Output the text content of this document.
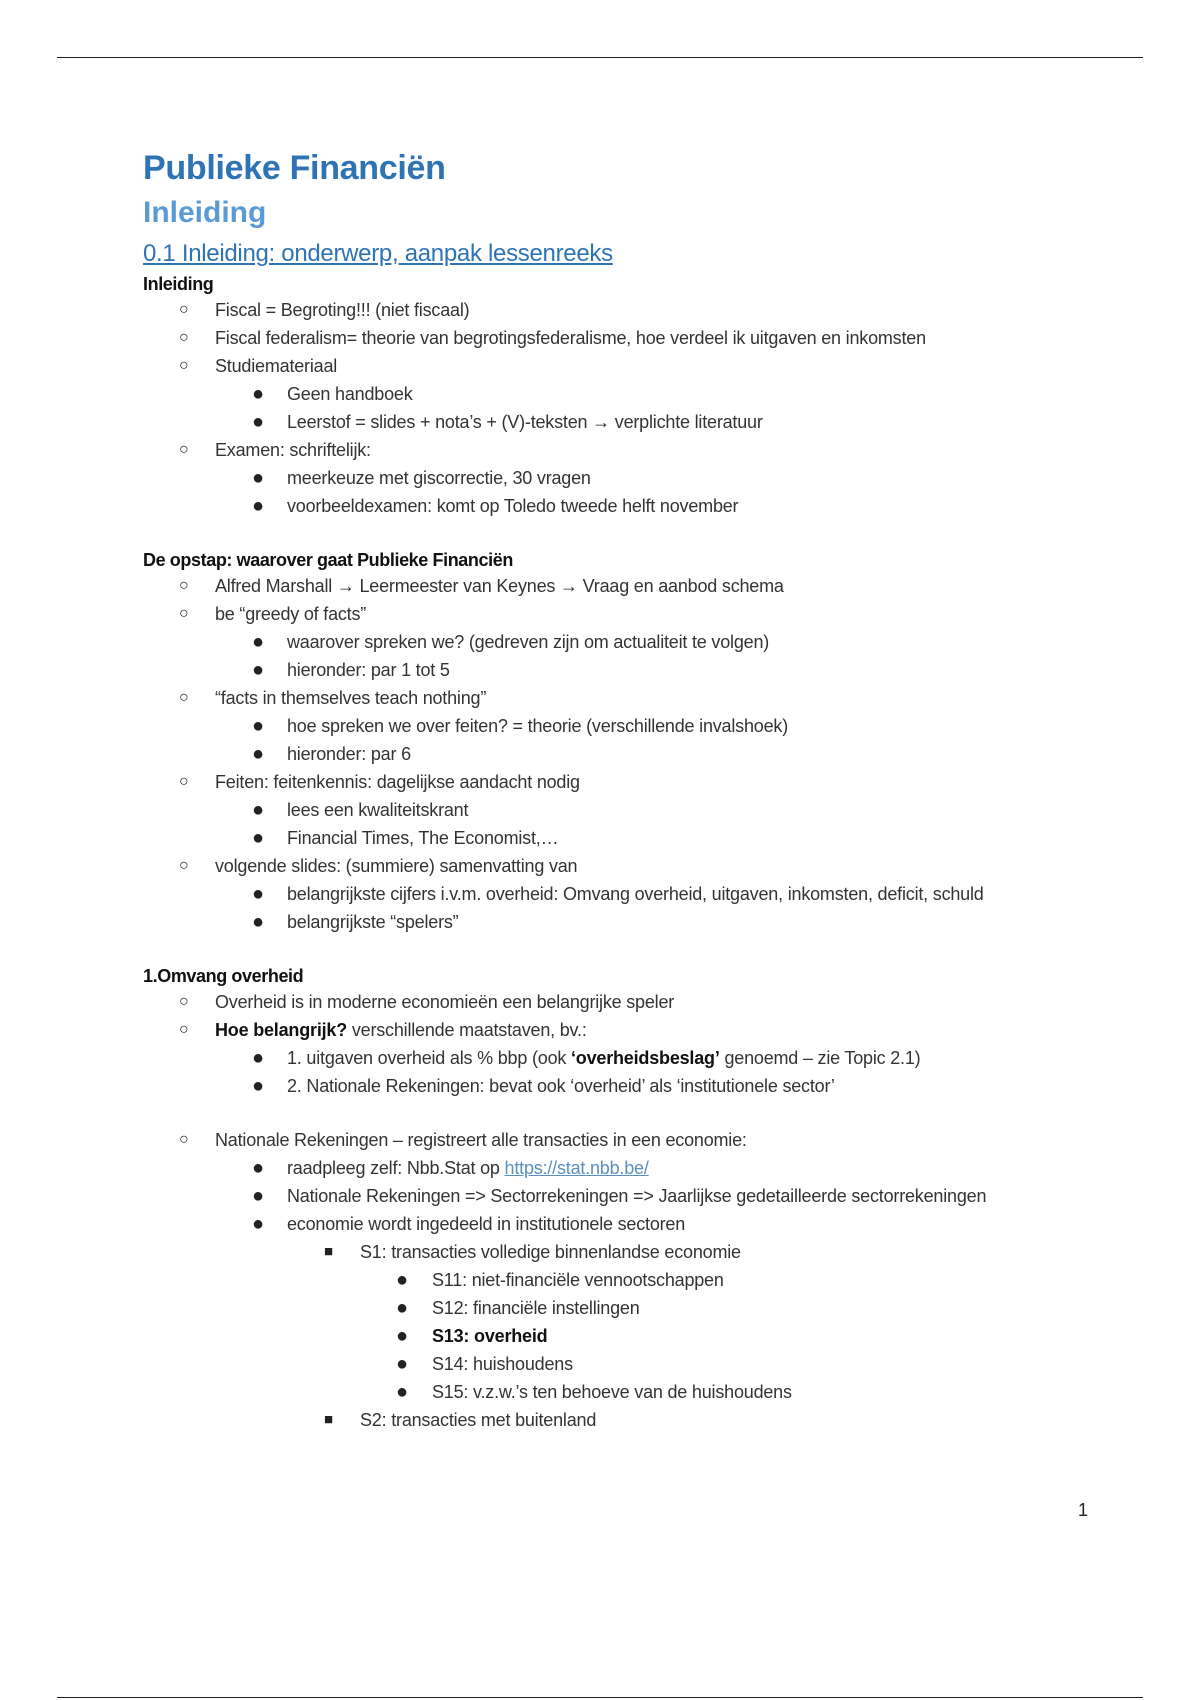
Publieke Financiën
Inleiding
0.1 Inleiding: onderwerp, aanpak lessenreeks
Inleiding
○ Fiscal = Begroting!!! (niet fiscaal)
○ Fiscal federalism= theorie van begrotingsfederalisme, hoe verdeel ik uitgaven en inkomsten
○ Studiemateriaal
● Geen handboek
● Leerstof = slides + nota’s + (V)-teksten → verplichte literatuur
○ Examen: schriftelijk:
● meerkeuze met giscorrectie, 30 vragen
● voorbeeldexamen: komt op Toledo tweede helft november
De opstap: waarover gaat Publieke Financiën
○ Alfred Marshall → Leermeester van Keynes → Vraag en aanbod schema
○ be “greedy of facts”
● waarover spreken we? (gedreven zijn om actualiteit te volgen)
● hieronder: par 1 tot 5
○ “facts in themselves teach nothing”
● hoe spreken we over feiten? = theorie (verschillende invalshoek)
● hieronder: par 6
○ Feiten: feitenkennis: dagelijkse aandacht nodig
● lees een kwaliteitskrant
● Financial Times, The Economist,…
○ volgende slides: (summiere) samenvatting van
● belangrijkste cijfers i.v.m. overheid: Omvang overheid, uitgaven, inkomsten, deficit, schuld
● belangrijkste “spelers”
1.Omvang overheid
○ Overheid is in moderne economieën een belangrijke speler
○ Hoe belangrijk? verschillende maatstaven, bv.:
● 1. uitgaven overheid als % bbp (ook ‘overheidsbeslag’ genoemd – zie Topic 2.1)
● 2. Nationale Rekeningen: bevat ook ‘overheid’ als ‘institutionele sector’
○ Nationale Rekeningen – registreert alle transacties in een economie:
● raadpleeg zelf: Nbb.Stat op https://stat.nbb.be/
● Nationale Rekeningen => Sectorrekeningen => Jaarlijkse gedetailleerde sectorrekeningen
● economie wordt ingedeeld in institutionele sectoren
■ S1: transacties volledige binnenlandse economie
● S11: niet-financiële vennootschappen
● S12: financiële instellingen
● S13: overheid
● S14: huishoudens
● S15: v.z.w.’s ten behoeve van de huishoudens
■ S2: transacties met buitenland
1
